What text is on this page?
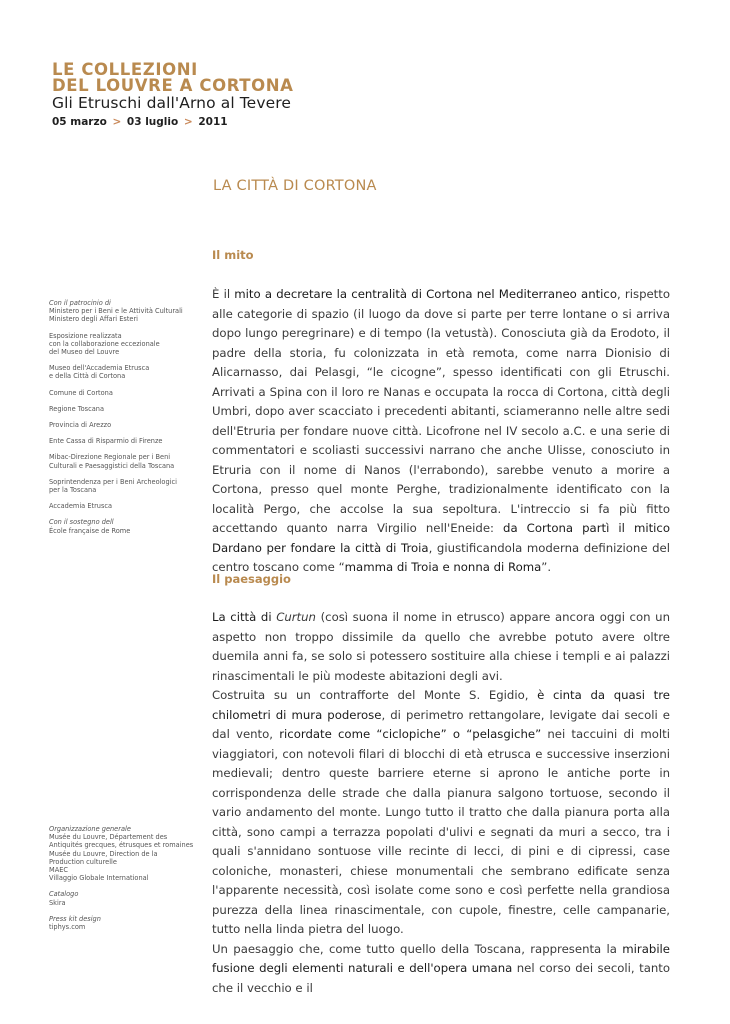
LE COLLEZIONI
DEL LOUVRE A CORTONA
Gli Etruschi dall'Arno al Tevere
05 marzo > 03 luglio > 2011
LA CITTÀ DI CORTONA
Con il patrocinio di
Ministero per i Beni e le Attività Culturali
Ministero degli Affari Esteri
Esposizione realizzata
con la collaborazione eccezionale
del Museo del Louvre
Museo dell'Accademia Etrusca
e della Città di Cortona
Comune di Cortona
Regione Toscana
Provincia di Arezzo
Ente Cassa di Risparmio di Firenze
Mibac-Direzione Regionale per i Beni
Culturali e Paesaggistici della Toscana
Soprintendenza per i Beni Archeologici
per la Toscana
Accademia Etrusca
Con il sostegno dell
École française de Rome
Organizzazione generale
Musée du Louvre, Département des
Antiquités grecques, étrusques et romaines
Musée du Louvre, Direction de la
Production culturelle
MAEC
Villaggio Globale International
Catalogo
Skira
Press kit design
tiphys.com
Il mito

È il mito a decretare la centralità di Cortona nel Mediterraneo antico, rispetto alle categorie di spazio (il luogo da dove si parte per terre lontane o si arriva dopo lungo peregrinare) e di tempo (la vetustà). Conosciuta già da Erodoto, il padre della storia, fu colonizzata in età remota, come narra Dionisio di Alicarnasso, dai Pelasgi, “le cicogne”, spesso identificati con gli Etruschi. Arrivati a Spina con il loro re Nanas e occupata la rocca di Cortona, città degli Umbri, dopo aver scacciato i precedenti abitanti, sciameranno nelle altre sedi dell'Etruria per fondare nuove città. Licofrone nel IV secolo a.C. e una serie di commentatori e scoliasti successivi narrano che anche Ulisse, conosciuto in Etruria con il nome di Nanos (l'errabondo), sarebbe venuto a morire a Cortona, presso quel monte Perghe, tradizionalmente identificato con la località Pergo, che accolse la sua sepoltura. L'intreccio si fa più fitto accettando quanto narra Virgilio nell'Eneide: da Cortona partì il mitico Dardano per fondare la città di Troia, giustificandola moderna definizione del centro toscano come “mamma di Troia e nonna di Roma”.

Il paesaggio

La città di Curtun (così suona il nome in etrusco) appare ancora oggi con un aspetto non troppo dissimile da quello che avrebbe potuto avere oltre duemila anni fa, se solo si potessero sostituire alla chiese i templi e ai palazzi rinascimentali le più modeste abitazioni degli avi.

Costruita su un contrafforte del Monte S. Egidio, è cinta da quasi tre chilometri di mura poderose, di perimetro rettangolare, levigate dai secoli e dal vento, ricordate come “ciclopiche” o “pelasgiche” nei taccuini di molti viaggiatori, con notevoli filari di blocchi di età etrusca e successive inserzioni medievali; dentro queste barriere eterne si aprono le antiche porte in corrispondenza delle strade che dalla pianura salgono tortuose, secondo il vario andamento del monte. Lungo tutto il tratto che dalla pianura porta alla città, sono campi a terrazza popolati d'ulivi e segnati da muri a secco, tra i quali s'annidano sontuose ville recinte di lecci, di pini e di cipressi, case coloniche, monasteri, chiese monumentali che sembrano edificate senza l'apparente necessità, così isolate come sono e così perfette nella grandiosa purezza della linea rinascimentale, con cupole, finestre, celle campanarie, tutto nella linda pietra del luogo.

Un paesaggio che, come tutto quello della Toscana, rappresenta la mirabile fusione degli elementi naturali e dell'opera umana nel corso dei secoli, tanto che il vecchio e il
